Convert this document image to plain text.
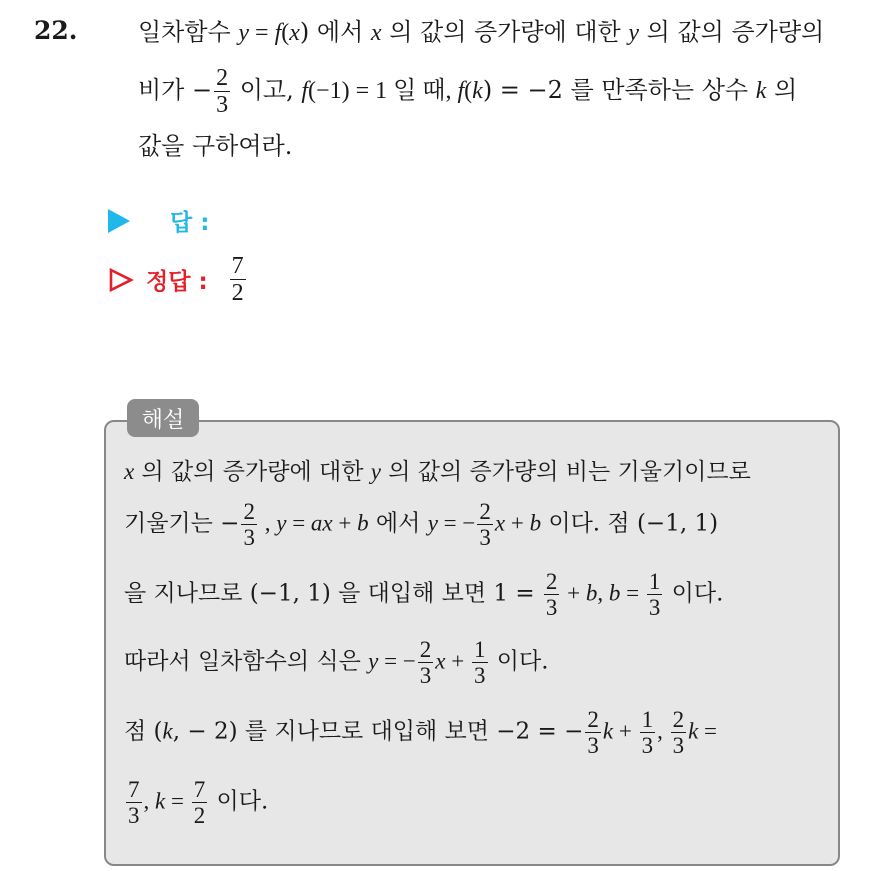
22.	일차함수 y = f(x) 에서 x 의 값의 증가량에 대한 y 의 값의 증가량의
비가 − $\frac{2}{3}$ 이고, f(−1) = 1 일 때, f(k) = −2 를 만족하는 상수 k 의
값을 구하여라.
답 :
정답 : $\frac{7}{2}$
해설
x 의 값의 증가량에 대한 y 의 값의 증가량의 비는 기울기이므로
기울기는 − $\frac{2}{3}$ , y = ax + b 에서 y = − $\frac{2}{3}$ x + b 이다. 점 (−1, 1)
을 지나므로 (−1, 1) 을 대입해 보면 $1 = \frac{2}{3} + b$, $b = \frac{1}{3}$ 이다.
따라서 일차함수의 식은 y = − $\frac{2}{3}$ $x + \frac{1}{3}$ 이다.
점 (k, − 2) 를 지나므로 대입해 보면 −2 = − $\frac{2}{3}$ $k + \frac{1}{3}$ , $\frac{2}{3}$ k =
$\frac{7}{3}$ , $k = \frac{7}{2}$ 이다.
